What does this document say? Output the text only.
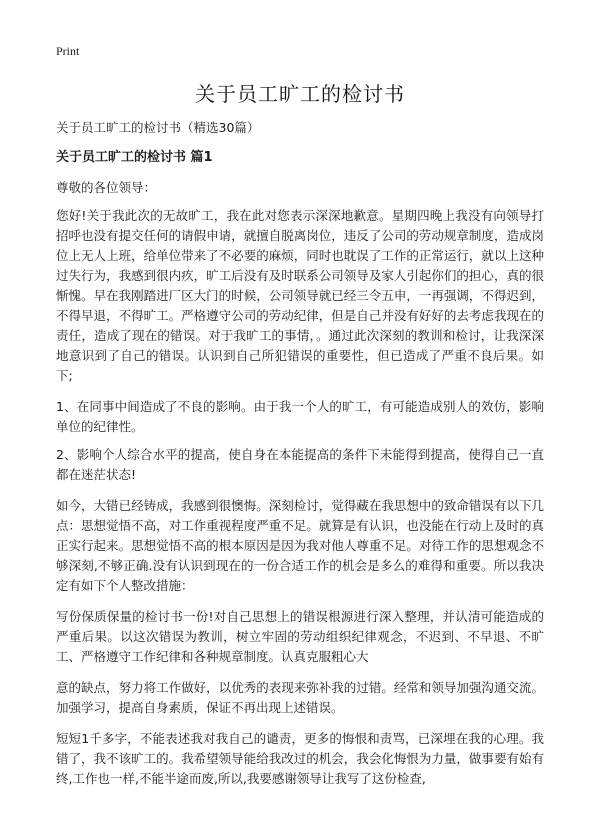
Print
关于员工旷工的检讨书

关于员工旷工的检讨书（精选30篇）

关于员工旷工的检讨书 篇1

尊敬的各位领导：

您好!关于我此次的无故旷工，我在此对您表示深深地歉意。星期四晚上我没有向领导打招呼也没有提交任何的请假申请，就擅自脱离岗位，违反了公司的劳动规章制度，造成岗位上无人上班，给单位带来了不必要的麻烦，同时也耽误了工作的正常运行，就以上这种过失行为，我感到很内疚，旷工后没有及时联系公司领导及家人引起你们的担心，真的很惭愧。早在我刚踏进厂区大门的时候，公司领导就已经三令五申，一再强调，不得迟到，不得早退，不得旷工。严格遵守公司的劳动纪律，但是自己并没有好好的去考虑我现在的责任，造成了现在的错误。对于我旷工的事情，。通过此次深刻的教训和检讨，让我深深地意识到了自己的错误。认识到自己所犯错误的重要性，但已造成了严重不良后果。如下;

1、在同事中间造成了不良的影响。由于我一个人的旷工，有可能造成别人的效仿，影响单位的纪律性。

2、影响个人综合水平的提高，使自身在本能提高的条件下未能得到提高，使得自己一直都在迷茫状态!

如今，大错已经铸成，我感到很懊悔。深刻检讨，觉得藏在我思想中的致命错误有以下几点：思想觉悟不高，对工作重视程度严重不足。就算是有认识，也没能在行动上及时的真正实行起来。思想觉悟不高的根本原因是因为我对他人尊重不足。对待工作的思想观念不够深刻,不够正确.没有认识到现在的一份合适工作的机会是多么的难得和重要。所以我决定有如下个人整改措施：

写份保质保量的检讨书一份!对自己思想上的错误根源进行深入整理，并认清可能造成的严重后果。以这次错误为教训，树立牢固的劳动组织纪律观念，不迟到、不早退、不旷工、严格遵守工作纪律和各种规章制度。认真克服粗心大

意的缺点，努力将工作做好，以优秀的表现来弥补我的过错。经常和领导加强沟通交流。加强学习，提高自身素质，保证不再出现上述错误。

短短1千多字，不能表述我对我自己的谴责，更多的悔恨和责骂，已深埋在我的心理。我错了，我不该旷工的。我希望领导能给我改过的机会，我会化悔恨为力量，做事要有始有终,工作也一样,不能半途而废,所以,我要感谢领导让我写了这份检查,
